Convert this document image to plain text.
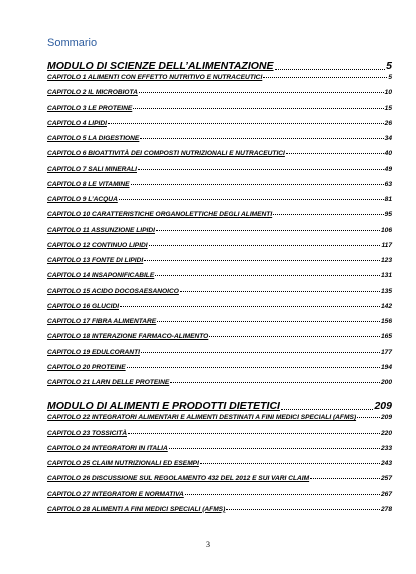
Sommario
MODULO DI SCIENZE DELL’ALIMENTAZIONE	5
CAPITOLO 1 ALIMENTI CON EFFETTO NUTRITIVO E NUTRACEUTICI	5
CAPITOLO 2 IL MICROBIOTA	10
CAPITOLO 3 LE PROTEINE	15
CAPITOLO 4 LIPIDI	26
CAPITOLO 5 LA DIGESTIONE	34
CAPITOLO 6 BIOATTIVITÀ DEI COMPOSTI NUTRIZIONALI E NUTRACEUTICI	40
CAPITOLO 7 SALI MINERALI	49
CAPITOLO 8 LE VITAMINE	63
CAPITOLO 9 L’ACQUA	81
CAPITOLO 10 CARATTERISTICHE ORGANOLETTICHE DEGLI ALIMENTI	95
CAPITOLO 11 ASSUNZIONE LIPIDI	106
CAPITOLO 12 CONTINUO LIPIDI	117
CAPITOLO 13 FONTE DI LIPIDI	123
CAPITOLO 14 INSAPONIFICABILE	131
CAPITOLO 15 ACIDO DOCOSAESANOICO	135
CAPITOLO 16 GLUCIDI	142
CAPITOLO 17 FIBRA ALIMENTARE	156
CAPITOLO 18 INTERAZIONE FARMACO-ALIMENTO	165
CAPITOLO 19 EDULCORANTI	177
CAPITOLO 20 PROTEINE	194
CAPITOLO 21 LARN DELLE PROTEINE	200
MODULO DI ALIMENTI E PRODOTTI DIETETICI	209
CAPITOLO 22 INTEGRATORI ALIMENTARI E ALIMENTI DESTINATI A FINI MEDICI SPECIALI (AFMS)	209
CAPITOLO 23 TOSSICITÀ	220
CAPITOLO 24 INTEGRATORI IN ITALIA	233
CAPITOLO 25 CLAIM NUTRIZIONALI ED ESEMPI	243
CAPITOLO 26 DISCUSSIONE SUL REGOLAMENTO 432 DEL 2012 E SUI VARI CLAIM	257
CAPITOLO 27 INTEGRATORI E NORMATIVA	267
CAPITOLO 28 ALIMENTI A FINI MEDICI SPECIALI (AFMS)	278
3
